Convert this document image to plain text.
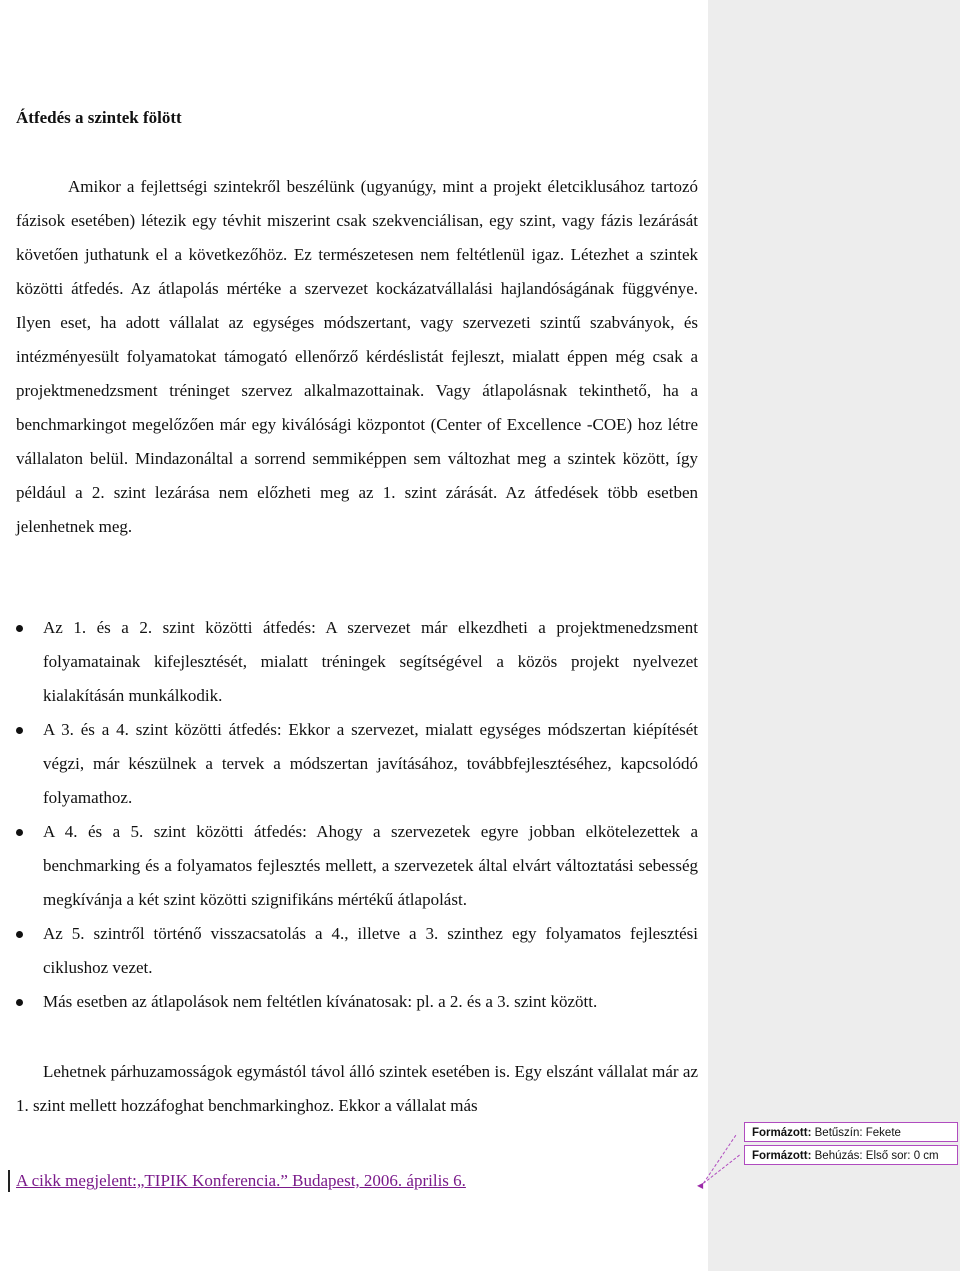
Átfedés a szintek fölött
Amikor a fejlettségi szintekről beszélünk (ugyanúgy, mint a projekt életciklusához tartozó fázisok esetében) létezik egy tévhit miszerint csak szekvenciálisan, egy szint, vagy fázis lezárását követően juthatunk el a következőhöz. Ez természetesen nem feltétlenül igaz. Létezhet a szintek közötti átfedés. Az átlapolás mértéke a szervezet kockázatvállalási hajlandóságának függvénye. Ilyen eset, ha adott vállalat az egységes módszertant, vagy szervezeti szintű szabványok, és intézményesült folyamatokat támogató ellenőrző kérdéslistát fejleszt, mialatt éppen még csak a projektmenedzsment tréninget szervez alkalmazottainak. Vagy átlapolásnak tekinthető, ha a benchmarkingot megelőzően már egy kiválósági központot (Center of Excellence -COE) hoz létre vállalaton belül. Mindazonáltal a sorrend semmiképpen sem változhat meg a szintek között, így például a 2. szint lezárása nem előzheti meg az 1. szint zárását. Az átfedések több esetben jelenhetnek meg.
Az 1. és a 2. szint közötti átfedés: A szervezet már elkezdheti a projektmenedzsment folyamatainak kifejlesztését, mialatt tréningek segítségével a közös projekt nyelvezet kialakításán munkálkodik.
A 3. és a 4. szint közötti átfedés: Ekkor a szervezet, mialatt egységes módszertan kiépítését végzi, már készülnek a tervek a módszertan javításához, továbbfejlesztéséhez, kapcsolódó folyamathoz.
A 4. és a 5. szint közötti átfedés: Ahogy a szervezetek egyre jobban elkötelezettek a benchmarking és a folyamatos fejlesztés mellett, a szervezetek által elvárt változtatási sebesség megkívánja a két szint közötti szignifikáns mértékű átlapolást.
Az 5. szintről történő visszacsatolás a 4., illetve a 3. szinthez egy folyamatos fejlesztési ciklushoz vezet.
Más esetben az átlapolások nem feltétlen kívánatosak: pl. a 2. és a 3. szint között.
Lehetnek párhuzamosságok egymástól távol álló szintek esetében is. Egy elszánt vállalat már az 1. szint mellett hozzáfoghat benchmarkinghoz. Ekkor a vállalat más
A cikk megjelent:„TIPIK Konferencia.” Budapest, 2006. április 6.	◀
Formázott: Betűszín: Fekete
Formázott: Behúzás: Első sor: 0 cm
